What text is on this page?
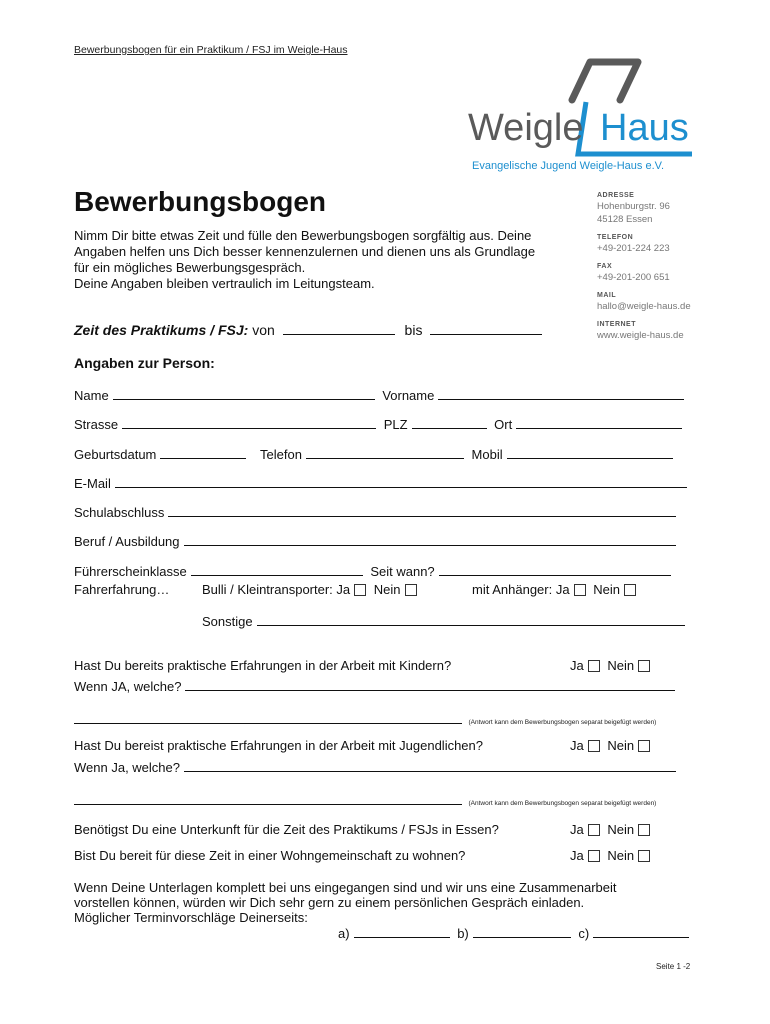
Bewerbungsbogen für ein Praktikum / FSJ im Weigle-Haus
Weigle Haus
Evangelische Jugend Weigle-Haus e.V.
Bewerbungsbogen
Nimm Dir bitte etwas Zeit und fülle den Bewerbungsbogen sorgfältig aus. Deine
Angaben helfen uns Dich besser kennenzulernen und dienen uns als Grundlage
für ein mögliches Bewerbungsgespräch.
Deine Angaben bleiben vertraulich im Leitungsteam.
ADRESSE
Hohenburgstr. 96
45128 Essen
TELEFON
+49-201-224 223
FAX
+49-201-200 651
MAIL
hallo@weigle-haus.de
INTERNET
www.weigle-haus.de
Zeit des Praktikums / FSJ: von	bis
Angaben zur Person:
Name	Vorname
Strasse	PLZ	Ort
Geburtsdatum	Telefon	Mobil
E-Mail
Schulabschluss
Beruf / Ausbildung
Führerscheinklasse	Seit wann?
Fahrerfahrung…	Bulli / Kleintransporter: Ja Nein	mit Anhänger: Ja Nein
Sonstige
Hast Du bereits praktische Erfahrungen in der Arbeit mit Kindern?	Ja Nein
Wenn JA, welche?
(Antwort kann dem Bewerbungsbogen separat beigefügt werden)
Hast Du bereist praktische Erfahrungen in der Arbeit mit Jugendlichen?	Ja Nein
Wenn Ja, welche?
(Antwort kann dem Bewerbungsbogen separat beigefügt werden)
Benötigst Du eine Unterkunft für die Zeit des Praktikums / FSJs in Essen?	Ja Nein
Bist Du bereit für diese Zeit in einer Wohngemeinschaft zu wohnen?	Ja Nein
Wenn Deine Unterlagen komplett bei uns eingegangen sind und wir uns eine Zusammenarbeit
vorstellen können, würden wir Dich sehr gern zu einem persönlichen Gespräch einladen.
Möglicher Terminvorschläge Deinerseits:
a)	b)	c)
Seite 1 -2
